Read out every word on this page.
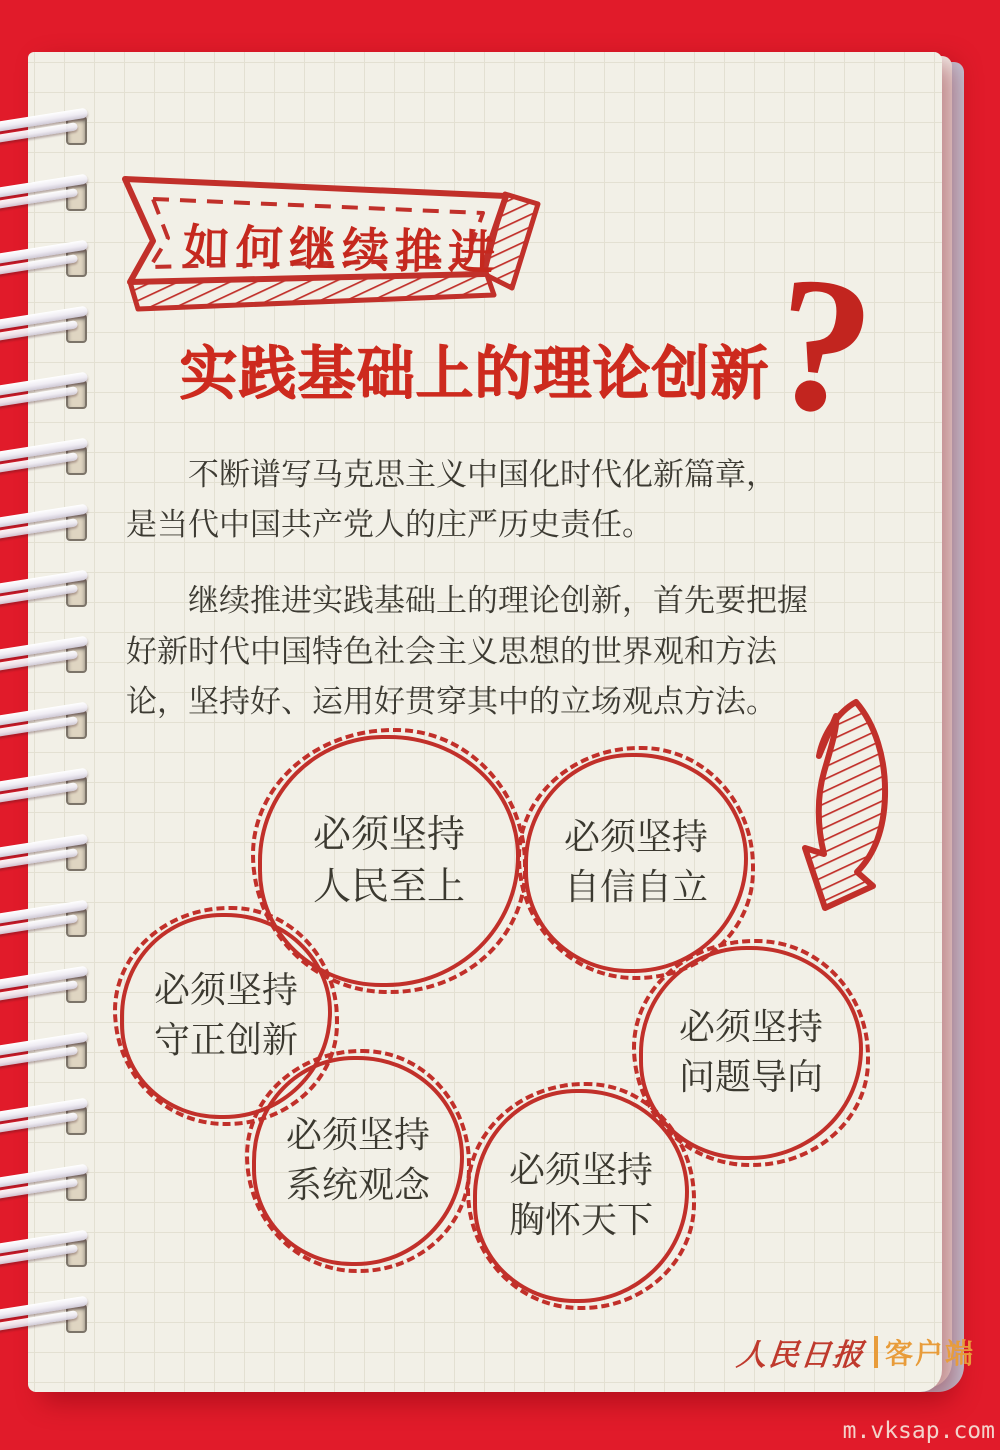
如何继续推进
实践基础上的理论创新
?
不断谱写马克思主义中国化时代化新篇章，
是当代中国共产党人的庄严历史责任。
继续推进实践基础上的理论创新，首先要把握
好新时代中国特色社会主义思想的世界观和方法
论，坚持好、运用好贯穿其中的立场观点方法。
必须坚持
人民至上
必须坚持
自信自立
必须坚持
守正创新	必须坚持
问题导向
必须坚持
系统观念 必须坚持
胸怀天下
人民日报 客户端
m.vksap.com
